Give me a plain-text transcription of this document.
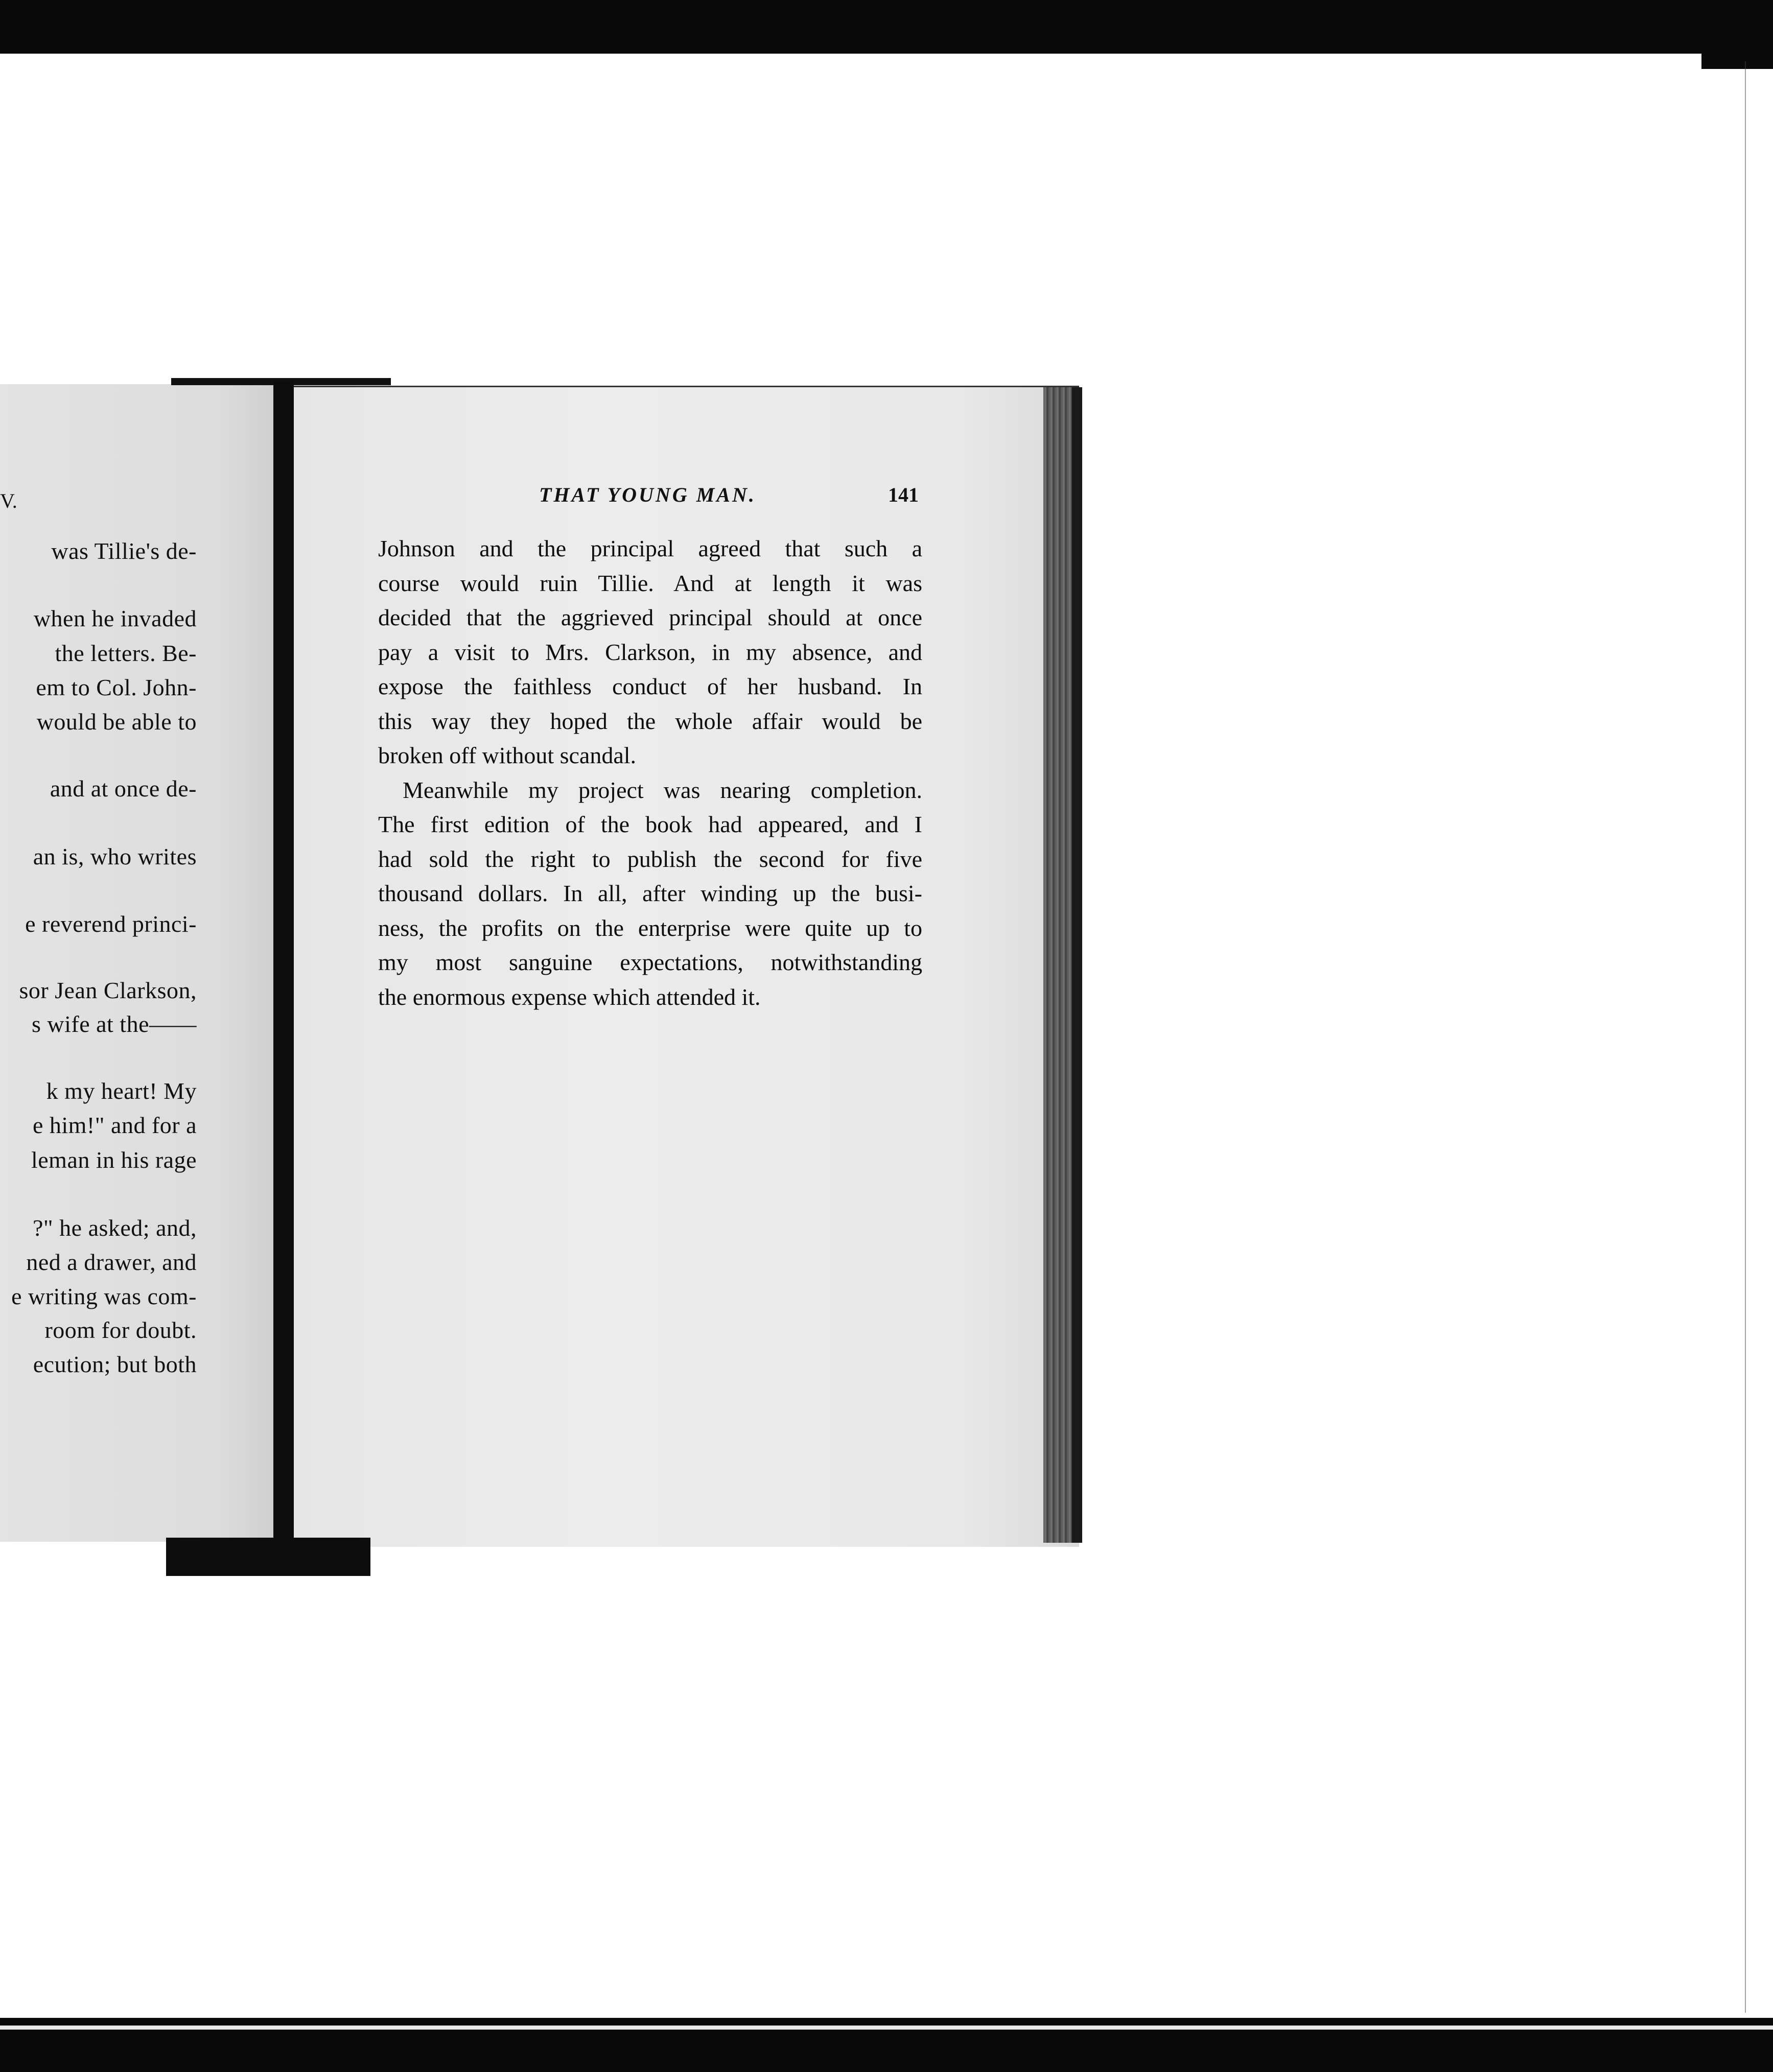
V.
was Tillie's de-
when he invaded
the letters. Be-
em to Col. John-
would be able to
and at once de-
an is, who writes
e reverend princi-
sor Jean Clarkson,
s wife at the——
k my heart! My
e him!" and for a
leman in his rage
?" he asked; and,
ned a drawer, and
e writing was com-
room for doubt.
ecution; but both
THAT YOUNG MAN.	141
Johnson and the principal agreed that such a
course would ruin Tillie. And at length it was
decided that the aggrieved principal should at once
pay a visit to Mrs. Clarkson, in my absence, and
expose the faithless conduct of her husband. In
this way they hoped the whole affair would be
broken off without scandal.
Meanwhile my project was nearing completion.
The first edition of the book had appeared, and I
had sold the right to publish the second for five
thousand dollars. In all, after winding up the busi-
ness, the profits on the enterprise were quite up to
my most sanguine expectations, notwithstanding
the enormous expense which attended it.
